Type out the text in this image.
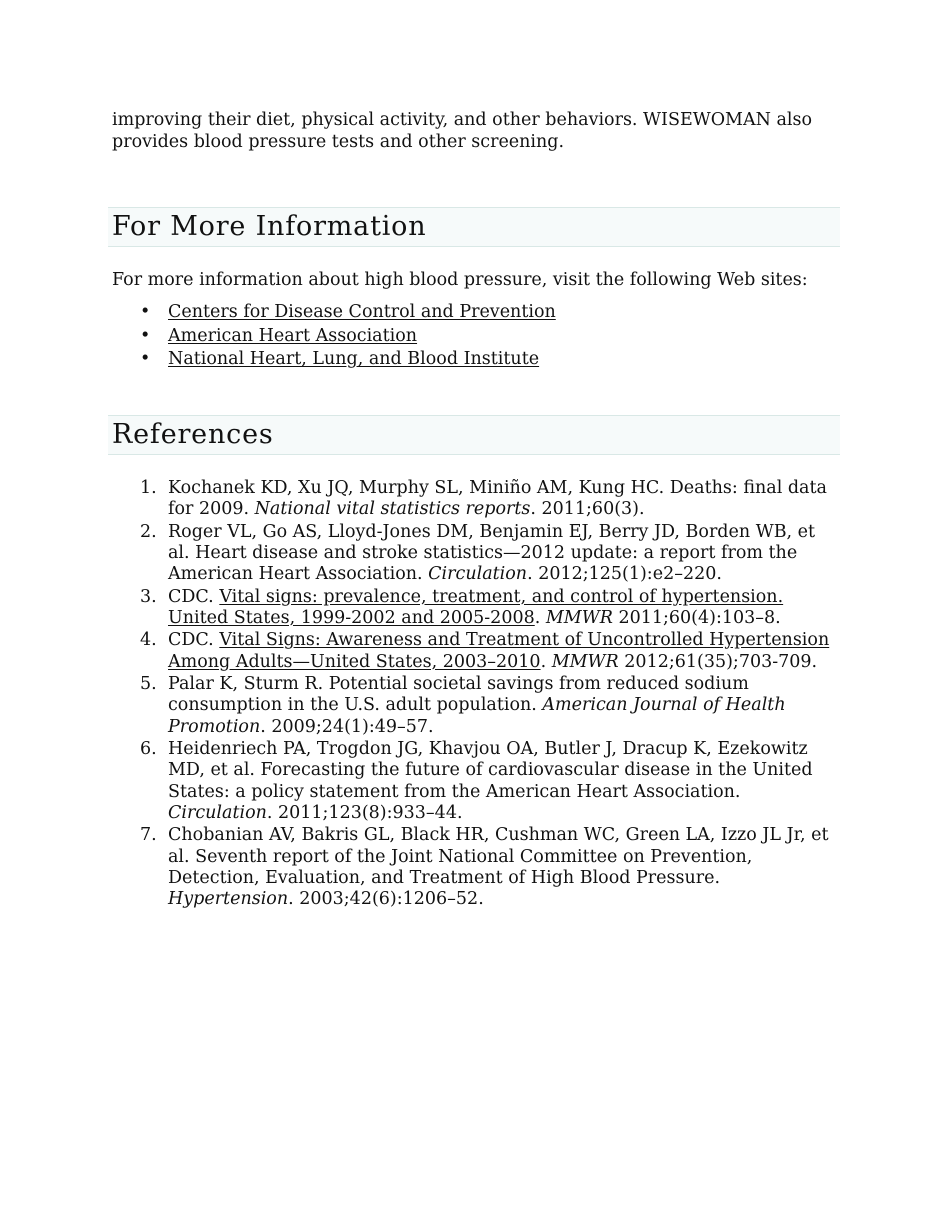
improving their diet, physical activity, and other behaviors. WISEWOMAN also provides blood pressure tests and other screening.

For More Information

For more information about high blood pressure, visit the following Web sites:

• Centers for Disease Control and Prevention
• American Heart Association
• National Heart, Lung, and Blood Institute
References
1. Kochanek KD, Xu JQ, Murphy SL, Miniño AM, Kung HC. Deaths: final data for 2009. National vital statistics reports. 2011;60(3).
2. Roger VL, Go AS, Lloyd-Jones DM, Benjamin EJ, Berry JD, Borden WB, et al. Heart disease and stroke statistics—2012 update: a report from the American Heart Association. Circulation. 2012;125(1):e2–220.
3. CDC. Vital signs: prevalence, treatment, and control of hypertension. United States, 1999-2002 and 2005-2008. MMWR 2011;60(4):103–8.
4. CDC. Vital Signs: Awareness and Treatment of Uncontrolled Hypertension Among Adults—United States, 2003–2010. MMWR 2012;61(35);703-709.
5. Palar K, Sturm R. Potential societal savings from reduced sodium consumption in the U.S. adult population. American Journal of Health Promotion. 2009;24(1):49–57.
6. Heidenriech PA, Trogdon JG, Khavjou OA, Butler J, Dracup K, Ezekowitz MD, et al. Forecasting the future of cardiovascular disease in the United States: a policy statement from the American Heart Association. Circulation. 2011;123(8):933–44.
7. Chobanian AV, Bakris GL, Black HR, Cushman WC, Green LA, Izzo JL Jr, et al. Seventh report of the Joint National Committee on Prevention, Detection, Evaluation, and Treatment of High Blood Pressure. Hypertension. 2003;42(6):1206–52.
